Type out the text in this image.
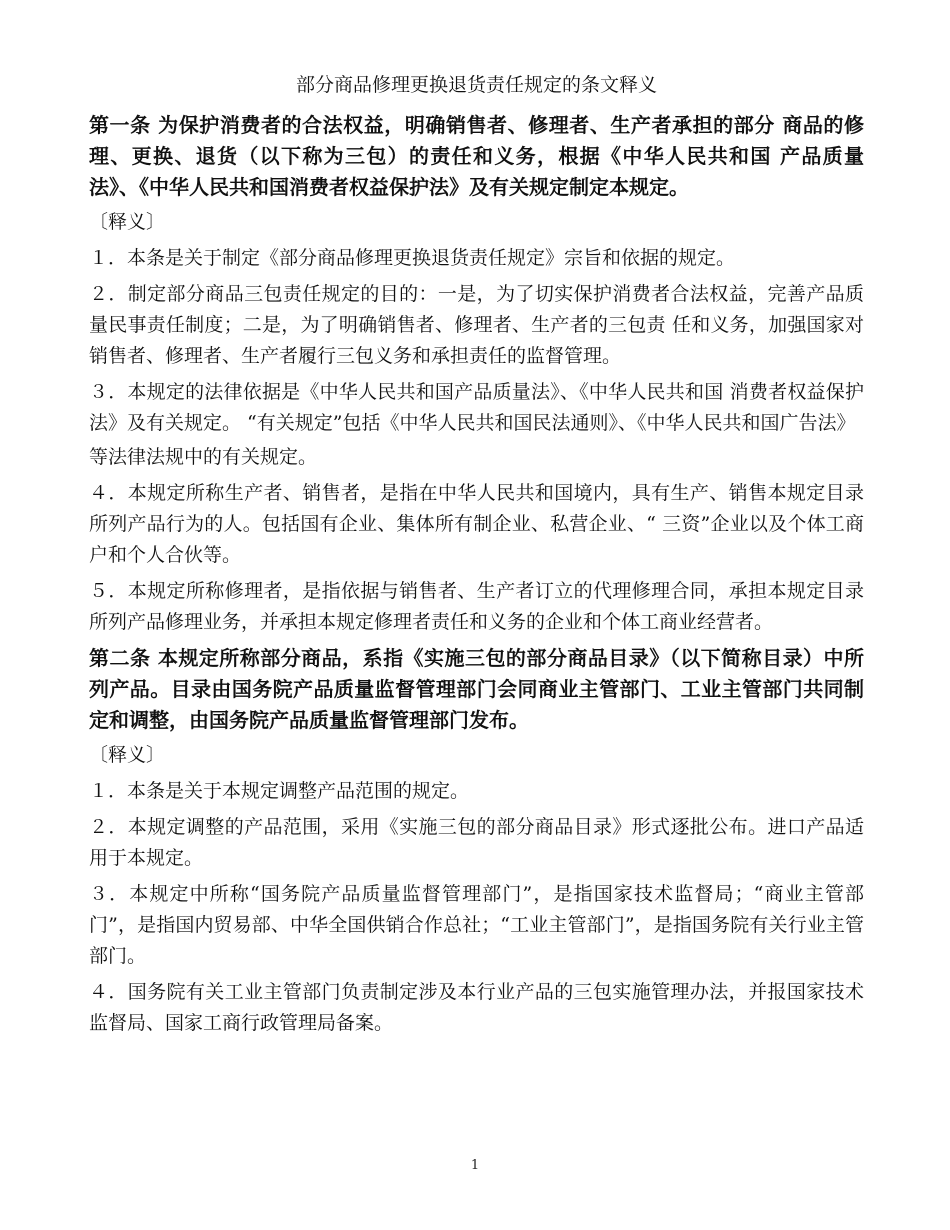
部分商品修理更换退货责任规定的条文释义
第一条 为保护消费者的合法权益，明确销售者、修理者、生产者承担的部分 商品的修理、更换、退货（以下称为三包）的责任和义务，根据《中华人民共和国 产品质量法》、《中华人民共和国消费者权益保护法》及有关规定制定本规定。
〔释义〕
１．本条是关于制定《部分商品修理更换退货责任规定》宗旨和依据的规定。
２．制定部分商品三包责任规定的目的：一是，为了切实保护消费者合法权益，完善产品质量民事责任制度；二是，为了明确销售者、修理者、生产者的三包责 任和义务，加强国家对销售者、修理者、生产者履行三包义务和承担责任的监督管理。
３．本规定的法律依据是《中华人民共和国产品质量法》、《中华人民共和国 消费者权益保护法》及有关规定。 “有关规定”包括《中华人民共和国民法通则》、《中华人民共和国广告法》
等法律法规中的有关规定。
４．本规定所称生产者、销售者，是指在中华人民共和国境内，具有生产、销售本规定目录所列产品行为的人。包括国有企业、集体所有制企业、私营企业、“ 三资”企业以及个体工商户和个人合伙等。
５．本规定所称修理者，是指依据与销售者、生产者订立的代理修理合同，承担本规定目录所列产品修理业务，并承担本规定修理者责任和义务的企业和个体工商业经营者。
第二条 本规定所称部分商品，系指《实施三包的部分商品目录》（以下简称目录）中所列产品。目录由国务院产品质量监督管理部门会同商业主管部门、工业主管部门共同制定和调整，由国务院产品质量监督管理部门发布。
〔释义〕
１．本条是关于本规定调整产品范围的规定。
２．本规定调整的产品范围，采用《实施三包的部分商品目录》形式逐批公布。进口产品适用于本规定。
３．本规定中所称“国务院产品质量监督管理部门”，是指国家技术监督局；“商业主管部门”，是指国内贸易部、中华全国供销合作总社；“工业主管部门”，是指国务院有关行业主管部门。
４．国务院有关工业主管部门负责制定涉及本行业产品的三包实施管理办法，并报国家技术监督局、国家工商行政管理局备案。
1
